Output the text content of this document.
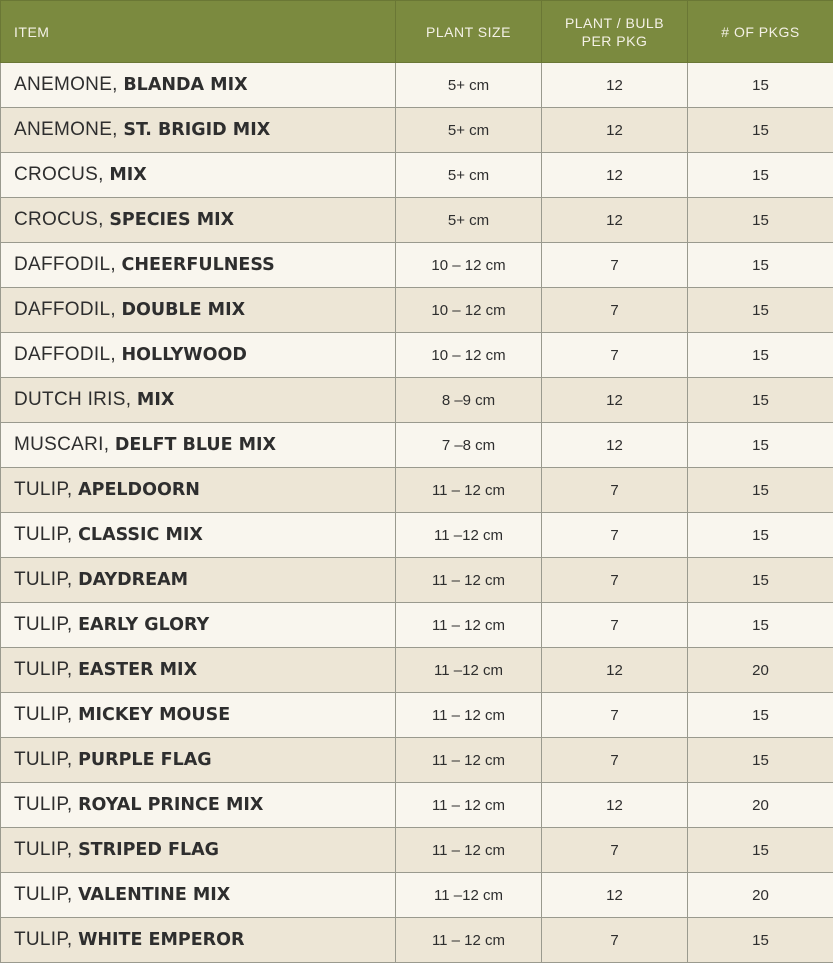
ITEM	PLANT SIZE	PLANT / BULB PER PKG	# OF PKGS
ANEMONE, BLANDA MIX	5+ cm	12	15
ANEMONE, ST. BRIGID MIX	5+ cm	12	15
CROCUS, MIX	5+ cm	12	15
CROCUS, SPECIES MIX	5+ cm	12	15
DAFFODIL, CHEERFULNESS	10 – 12 cm	7	15
DAFFODIL, DOUBLE MIX	10 – 12 cm	7	15
DAFFODIL, HOLLYWOOD	10 – 12 cm	7	15
DUTCH IRIS, MIX	8 –9 cm	12	15
MUSCARI, DELFT BLUE MIX	7 –8 cm	12	15
TULIP, APELDOORN	11 – 12 cm	7	15
TULIP, CLASSIC MIX	11 –12 cm	7	15
TULIP, DAYDREAM	11 – 12 cm	7	15
TULIP, EARLY GLORY	11 – 12 cm	7	15
TULIP, EASTER MIX	11 –12 cm	12	20
TULIP, MICKEY MOUSE	11 – 12 cm	7	15
TULIP, PURPLE FLAG	11 – 12 cm	7	15
TULIP, ROYAL PRINCE MIX	11 – 12 cm	12	20
TULIP, STRIPED FLAG	11 – 12 cm	7	15
TULIP, VALENTINE MIX	11 –12 cm	12	20
TULIP, WHITE EMPEROR	11 – 12 cm	7	15
